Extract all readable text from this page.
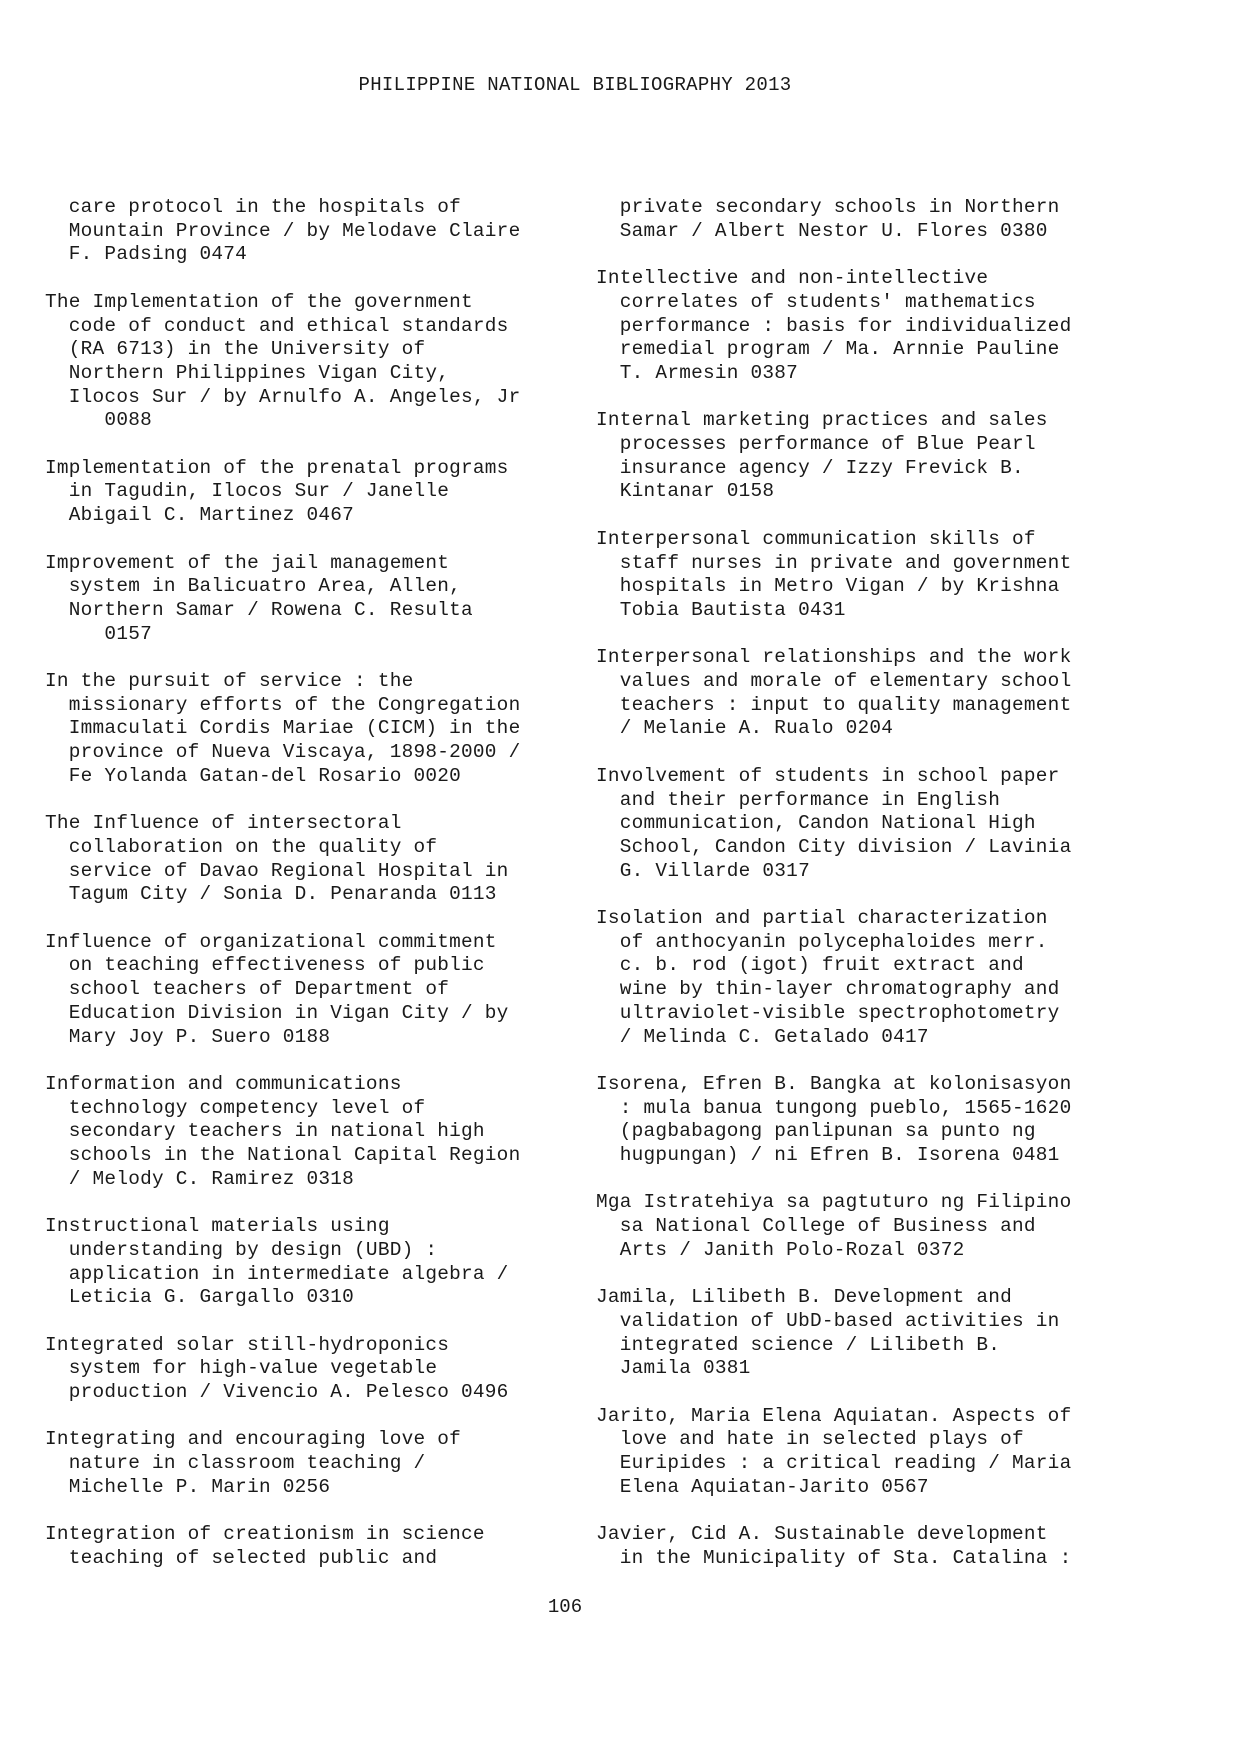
PHILIPPINE NATIONAL BIBLIOGRAPHY 2013
care protocol in the hospitals of
Mountain Province / by Melodave Claire
F. Padsing 0474
The Implementation of the government
code of conduct and ethical standards
(RA 6713) in the University of
Northern Philippines Vigan City,
Ilocos Sur / by Arnulfo A. Angeles, Jr
0088
Implementation of the prenatal programs
in Tagudin, Ilocos Sur / Janelle
Abigail C. Martinez 0467
Improvement of the jail management
system in Balicuatro Area, Allen,
Northern Samar / Rowena C. Resulta
0157
In the pursuit of service : the
missionary efforts of the Congregation
Immaculati Cordis Mariae (CICM) in the
province of Nueva Viscaya, 1898-2000 /
Fe Yolanda Gatan-del Rosario 0020
The Influence of intersectoral
collaboration on the quality of
service of Davao Regional Hospital in
Tagum City / Sonia D. Penaranda 0113
Influence of organizational commitment
on teaching effectiveness of public
school teachers of Department of
Education Division in Vigan City / by
Mary Joy P. Suero 0188
Information and communications
technology competency level of
secondary teachers in national high
schools in the National Capital Region
/ Melody C. Ramirez 0318
Instructional materials using
understanding by design (UBD) :
application in intermediate algebra /
Leticia G. Gargallo 0310
Integrated solar still-hydroponics
system for high-value vegetable
production / Vivencio A. Pelesco 0496
Integrating and encouraging love of
nature in classroom teaching /
Michelle P. Marin 0256
Integration of creationism in science
teaching of selected public and
private secondary schools in Northern
Samar / Albert Nestor U. Flores 0380
Intellective and non-intellective
correlates of students' mathematics
performance : basis for individualized
remedial program / Ma. Arnnie Pauline
T. Armesin 0387
Internal marketing practices and sales
processes performance of Blue Pearl
insurance agency / Izzy Frevick B.
Kintanar 0158
Interpersonal communication skills of
staff nurses in private and government
hospitals in Metro Vigan / by Krishna
Tobia Bautista 0431
Interpersonal relationships and the work
values and morale of elementary school
teachers : input to quality management
/ Melanie A. Rualo 0204
Involvement of students in school paper
and their performance in English
communication, Candon National High
School, Candon City division / Lavinia
G. Villarde 0317
Isolation and partial characterization
of anthocyanin polycephaloides merr.
c. b. rod (igot) fruit extract and
wine by thin-layer chromatography and
ultraviolet-visible spectrophotometry
/ Melinda C. Getalado 0417
Isorena, Efren B. Bangka at kolonisasyon
: mula banua tungong pueblo, 1565-1620
(pagbabagong panlipunan sa punto ng
hugpungan) / ni Efren B. Isorena 0481
Mga Istratehiya sa pagtuturo ng Filipino
sa National College of Business and
Arts / Janith Polo-Rozal 0372
Jamila, Lilibeth B. Development and
validation of UbD-based activities in
integrated science / Lilibeth B.
Jamila 0381
Jarito, Maria Elena Aquiatan. Aspects of
love and hate in selected plays of
Euripides : a critical reading / Maria
Elena Aquiatan-Jarito 0567
Javier, Cid A. Sustainable development
in the Municipality of Sta. Catalina :
106
